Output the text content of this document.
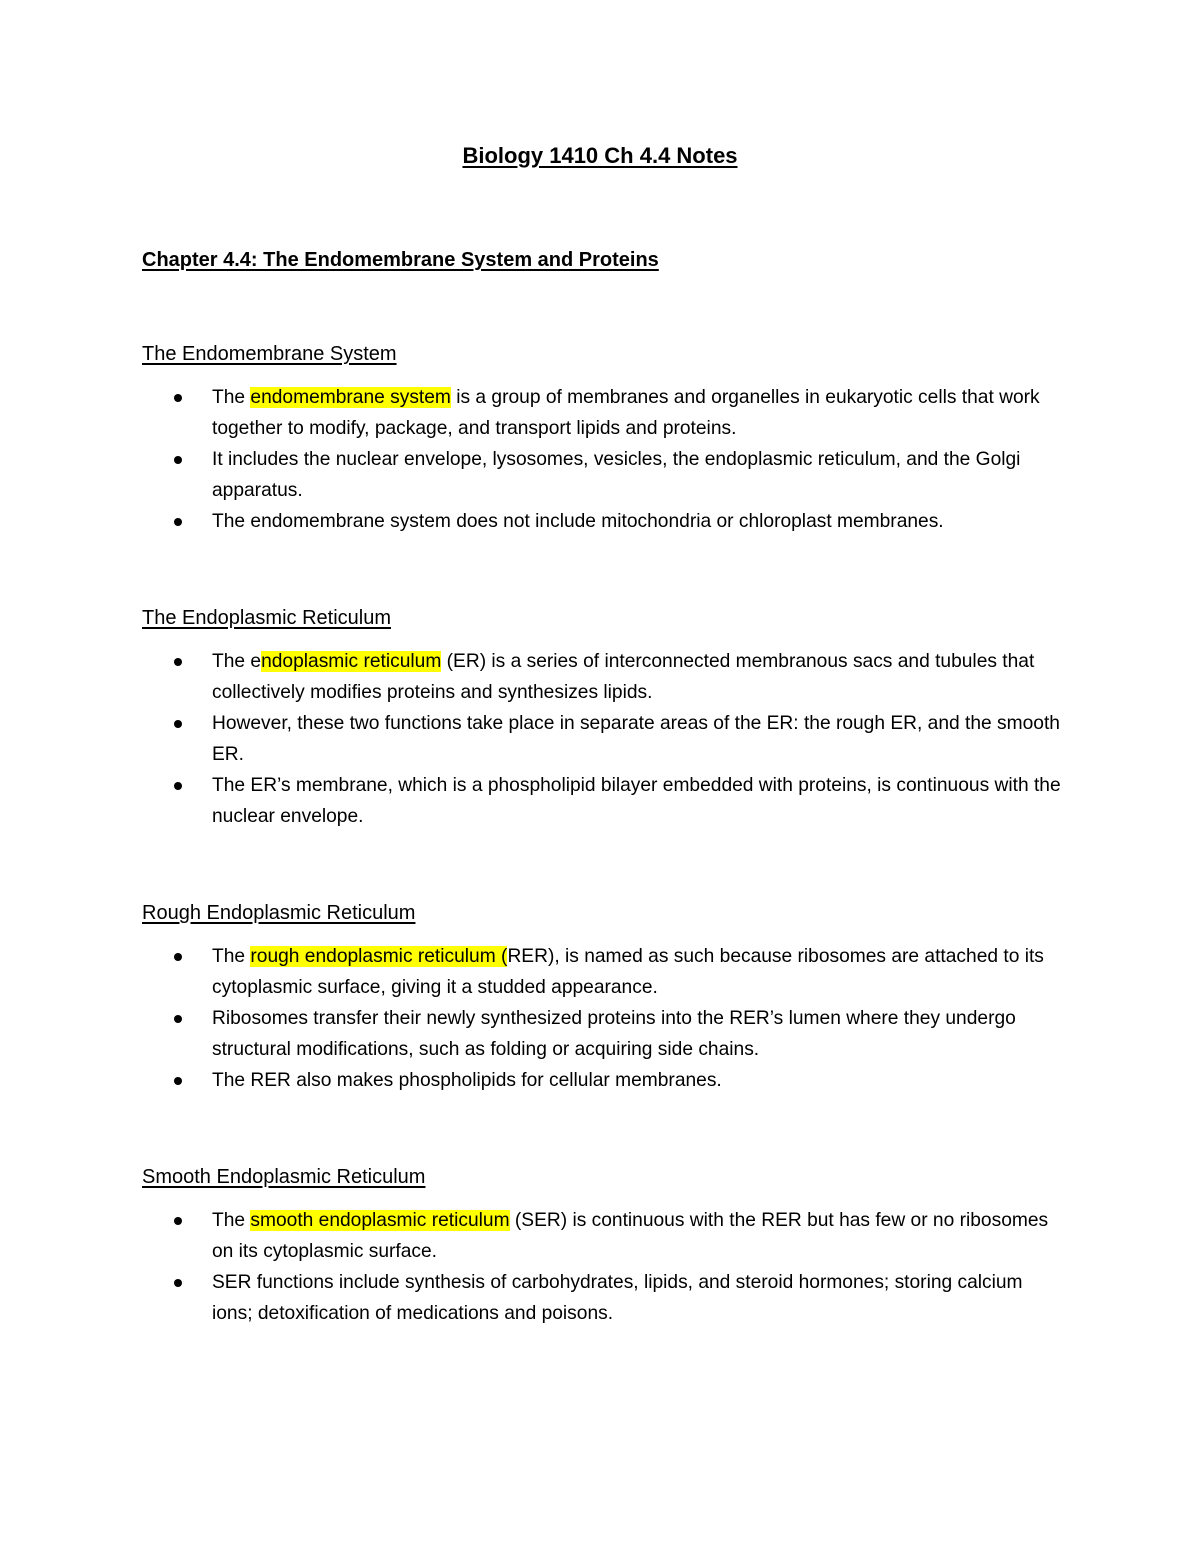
Biology 1410 Ch 4.4 Notes
Chapter 4.4: The Endomembrane System and Proteins
The Endomembrane System
The endomembrane system is a group of membranes and organelles in eukaryotic cells that work together to modify, package, and transport lipids and proteins.
It includes the nuclear envelope, lysosomes, vesicles, the endoplasmic reticulum, and the Golgi apparatus.
The endomembrane system does not include mitochondria or chloroplast membranes.
The Endoplasmic Reticulum
The endoplasmic reticulum (ER) is a series of interconnected membranous sacs and tubules that collectively modifies proteins and synthesizes lipids.
However, these two functions take place in separate areas of the ER: the rough ER, and the smooth ER.
The ER’s membrane, which is a phospholipid bilayer embedded with proteins, is continuous with the nuclear envelope.
Rough Endoplasmic Reticulum
The rough endoplasmic reticulum (RER), is named as such because ribosomes are attached to its cytoplasmic surface, giving it a studded appearance.
Ribosomes transfer their newly synthesized proteins into the RER’s lumen where they undergo structural modifications, such as folding or acquiring side chains.
The RER also makes phospholipids for cellular membranes.
Smooth Endoplasmic Reticulum
The smooth endoplasmic reticulum (SER) is continuous with the RER but has few or no ribosomes on its cytoplasmic surface.
SER functions include synthesis of carbohydrates, lipids, and steroid hormones; storing calcium ions; detoxification of medications and poisons.
